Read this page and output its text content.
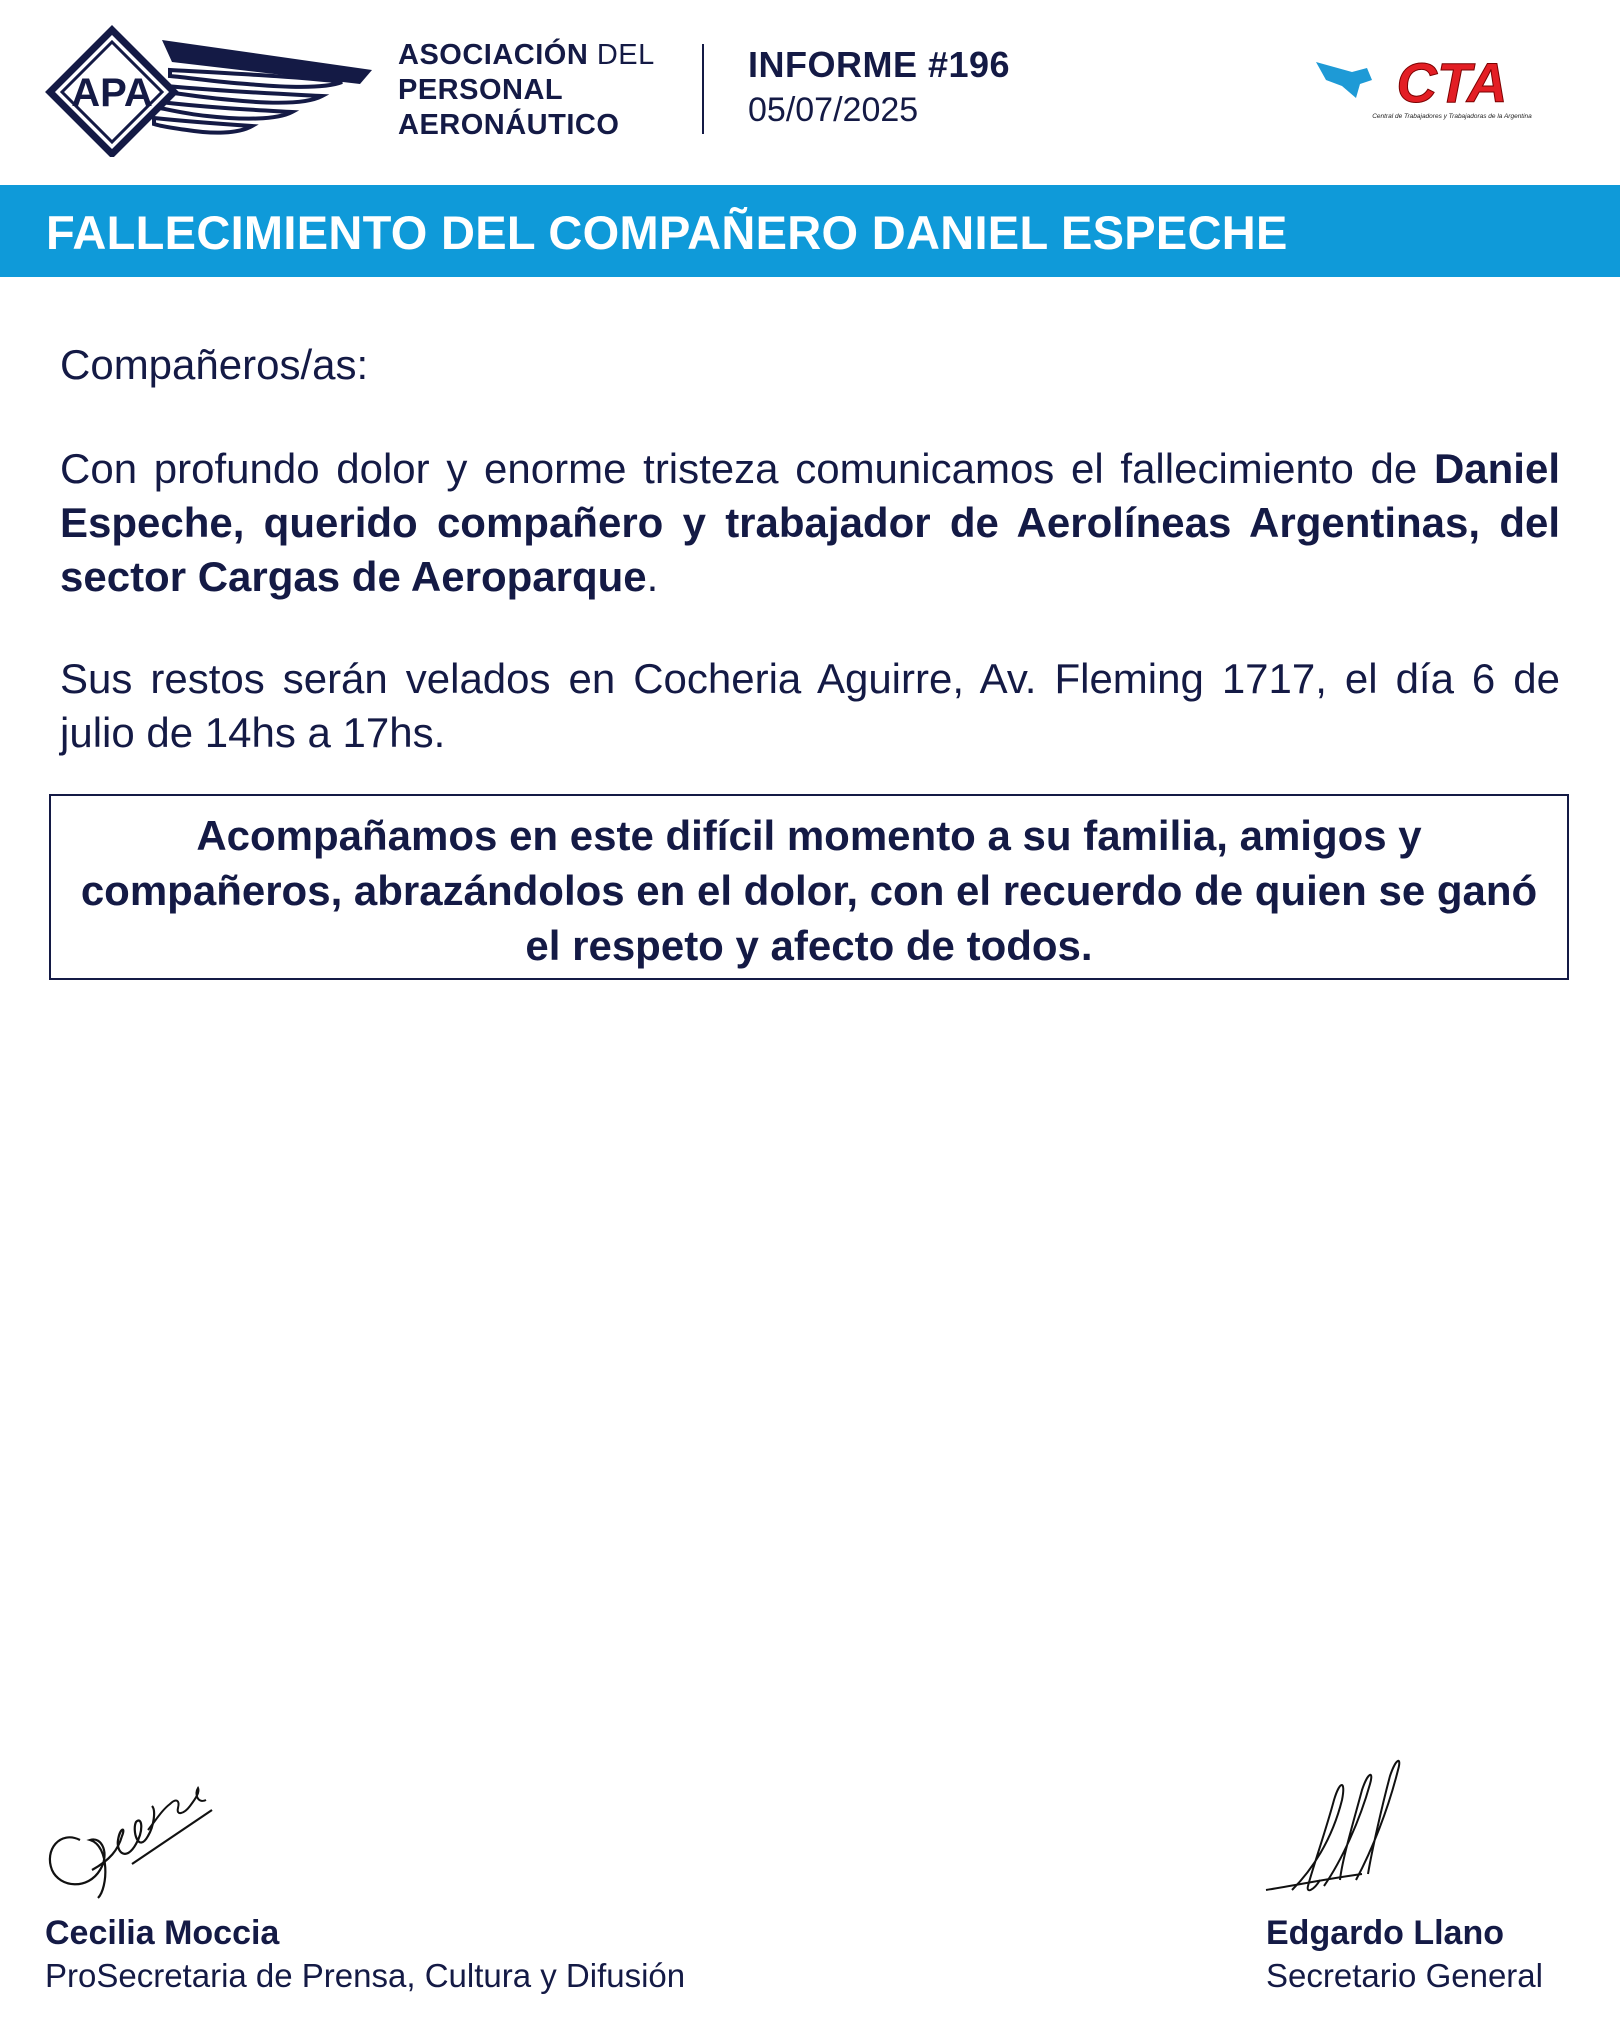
APA
ASOCIACIÓN DEL
PERSONAL
AERONÁUTICO
INFORME #196
05/07/2025	CTA
Central de Trabajadores y Trabajadoras de la Argentina
FALLECIMIENTO DEL COMPAÑERO DANIEL ESPECHE
Compañeros/as:
Con profundo dolor y enorme tristeza comunicamos el fallecimiento de Daniel Espeche, querido compañero y trabajador de Aerolíneas Argentinas, del sector Cargas de Aeroparque.
Sus restos serán velados en Cocheria Aguirre, Av. Fleming 1717, el día 6 de julio de 14hs a 17hs.
Acompañamos en este difícil momento a su familia, amigos y compañeros, abrazándolos en el dolor, con el recuerdo de quien se ganó el respeto y afecto de todos.
Cecilia Moccia
ProSecretaria de Prensa, Cultura y Difusión
Edgardo Llano
Secretario General
